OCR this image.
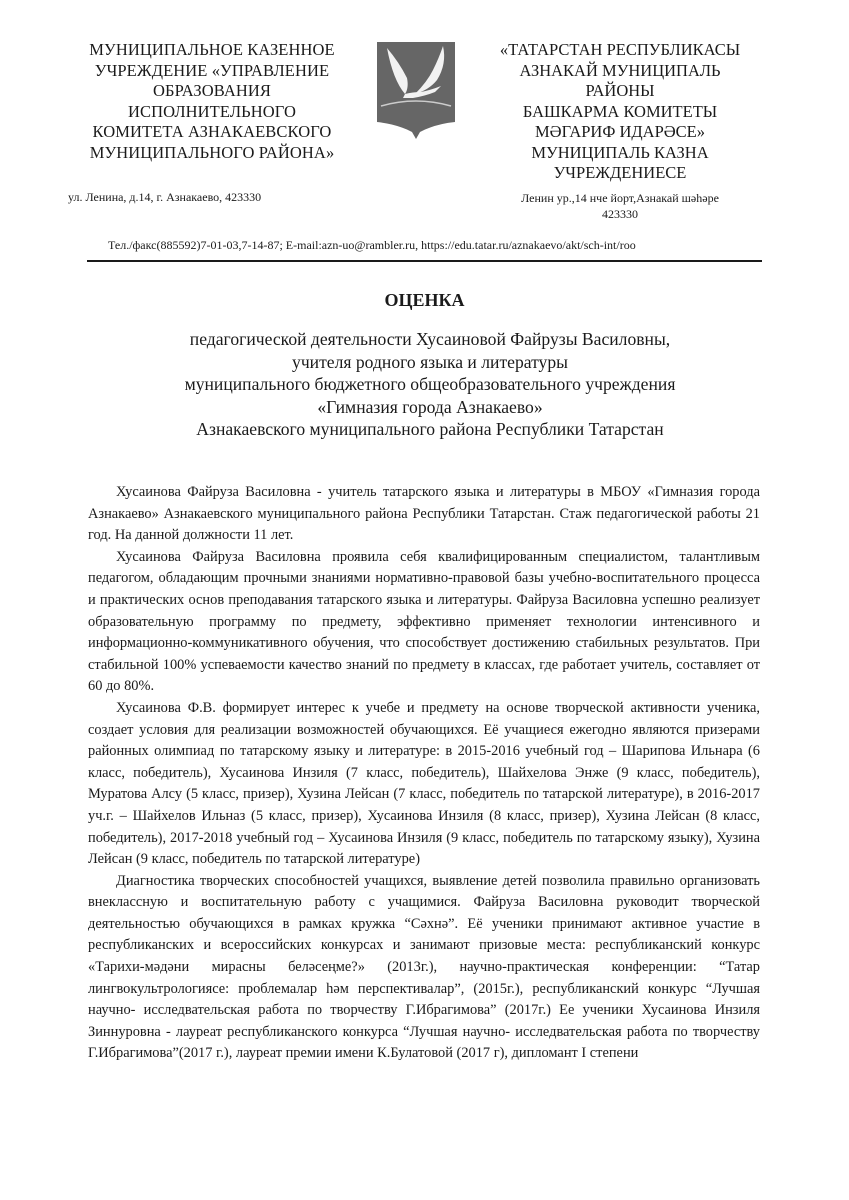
МУНИЦИПАЛЬНОЕ КАЗЕННОЕ
УЧРЕЖДЕНИЕ «УПРАВЛЕНИЕ
ОБРАЗОВАНИЯ
ИСПОЛНИТЕЛЬНОГО
КОМИТЕТА АЗНАКАЕВСКОГО
МУНИЦИПАЛЬНОГО РАЙОНА»
«ТАТАРСТАН РЕСПУБЛИКАСЫ
АЗНАКАЙ МУНИЦИПАЛЬ
РАЙОНЫ
БАШКАРМА КОМИТЕТЫ
МӘГАРИФ ИДАРӘСЕ»
МУНИЦИПАЛЬ КАЗНА
УЧРЕЖДЕНИЕСЕ
ул. Ленина, д.14, г. Азнакаево, 423330	Ленин ур.,14 нче йорт,Азнакай шәһәре
423330
Тел./факс(885592)7-01-03,7-14-87; E-mail:azn-uo@rambler.ru, https://edu.tatar.ru/aznakaevo/akt/sch-int/roo
ОЦЕНКА
педагогической деятельности Хусаиновой Файрузы Василовны,
учителя родного языка и литературы
муниципального бюджетного общеобразовательного учреждения
«Гимназия города Азнакаево»
Азнакаевского муниципального района Республики Татарстан

Хусаинова Файруза Василовна - учитель татарского языка и литературы в МБОУ «Гимназия города Азнакаево» Азнакаевского муниципального района Республики Татарстан. Стаж педагогической работы 21 год. На данной должности 11 лет.

Хусаинова Файруза Василовна проявила себя квалифицированным специалистом, талантливым педагогом, обладающим прочными знаниями нормативно-правовой базы учебно-воспитательного процесса и практических основ преподавания татарского языка и литературы. Файруза Василовна успешно реализует образовательную программу по предмету, эффективно применяет технологии интенсивного и информационно-коммуникативного обучения, что способствует достижению стабильных результатов. При стабильной 100% успеваемости качество знаний по предмету в классах, где работает учитель, составляет от 60 до 80%.

Хусаинова Ф.В. формирует интерес к учебе и предмету на основе творческой активности ученика, создает условия для реализации возможностей обучающихся. Её учащиеся ежегодно являются призерами районных олимпиад по татарскому языку и литературе: в 2015-2016 учебный год – Шарипова Ильнара (6 класс, победитель), Хусаинова Инзиля (7 класс, победитель), Шайхелова Энже (9 класс, победитель), Муратова Алсу (5 класс, призер), Хузина Лейсан (7 класс, победитель по татарской литературе), в 2016-2017 уч.г. – Шайхелов Ильназ (5 класс, призер), Хусаинова Инзиля (8 класс, призер), Хузина Лейсан (8 класс, победитель), 2017-2018 учебный год – Хусаинова Инзиля (9 класс, победитель по татарскому языку), Хузина Лейсан (9 класс, победитель по татарской литературе)

Диагностика творческих способностей учащихся, выявление детей позволила правильно организовать внеклассную и воспитательную работу с учащимися. Файруза Василовна руководит творческой деятельностью обучающихся в рамках кружка “Сәхнә”. Её ученики принимают активное участие в республиканских и всероссийских конкурсах и занимают призовые места: республиканский конкурс «Тарихи-мәдәни мирасны беләсеңме?» (2013г.), научно-практическая конференции: “Татар лингвокультрологиясе: проблемалар һәм перспективалар”, (2015г.), республиканский конкурс “Лучшая научно- исследвательская работа по творчеству Г.Ибрагимова” (2017г.) Ее ученики Хусаинова Инзиля Зиннуровна - лауреат республиканского конкурса “Лучшая научно- исследвательская работа по творчеству Г.Ибрагимова”(2017 г.), лауреат премии имени К.Булатовой (2017 г), дипломант I степени
